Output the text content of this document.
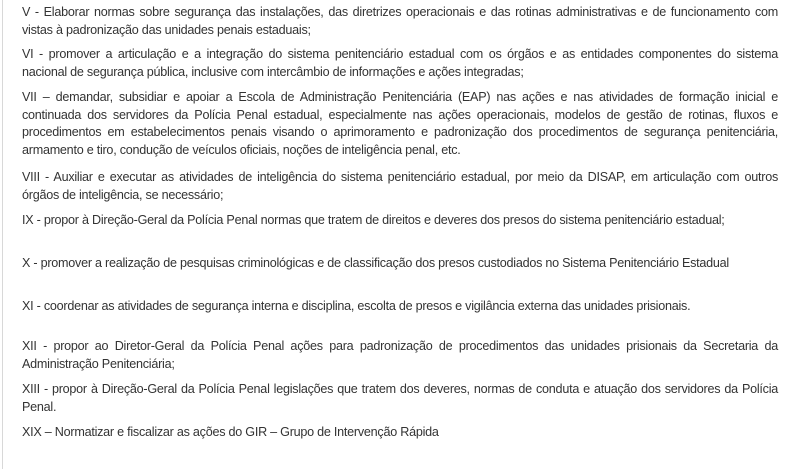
V - Elaborar normas sobre segurança das instalações, das diretrizes operacionais e das rotinas administrativas e de funcionamento com vistas à padronização das unidades penais estaduais;

VI - promover a articulação e a integração do sistema penitenciário estadual com os órgãos e as entidades componentes do sistema nacional de segurança pública, inclusive com intercâmbio de informações e ações integradas;

VII – demandar, subsidiar e apoiar a Escola de Administração Penitenciária (EAP) nas ações e nas atividades de formação inicial e continuada dos servidores da Polícia Penal estadual, especialmente nas ações operacionais, modelos de gestão de rotinas, fluxos e procedimentos em estabelecimentos penais visando o aprimoramento e padronização dos procedimentos de segurança penitenciária, armamento e tiro, condução de veículos oficiais, noções de inteligência penal, etc.

VIII - Auxiliar e executar as atividades de inteligência do sistema penitenciário estadual, por meio da DISAP, em articulação com outros órgãos de inteligência, se necessário;

IX - propor à Direção-Geral da Polícia Penal normas que tratem de direitos e deveres dos presos do sistema penitenciário estadual;

X - promover a realização de pesquisas criminológicas e de classificação dos presos custodiados no Sistema Penitenciário Estadual

XI - coordenar as atividades de segurança interna e disciplina, escolta de presos e vigilância externa das unidades prisionais.

XII - propor ao Diretor-Geral da Polícia Penal ações para padronização de procedimentos das unidades prisionais da Secretaria da Administração Penitenciária;

XIII - propor à Direção-Geral da Polícia Penal legislações que tratem dos deveres, normas de conduta e atuação dos servidores da Polícia Penal.

XIX – Normatizar e fiscalizar as ações do GIR – Grupo de Intervenção Rápida
